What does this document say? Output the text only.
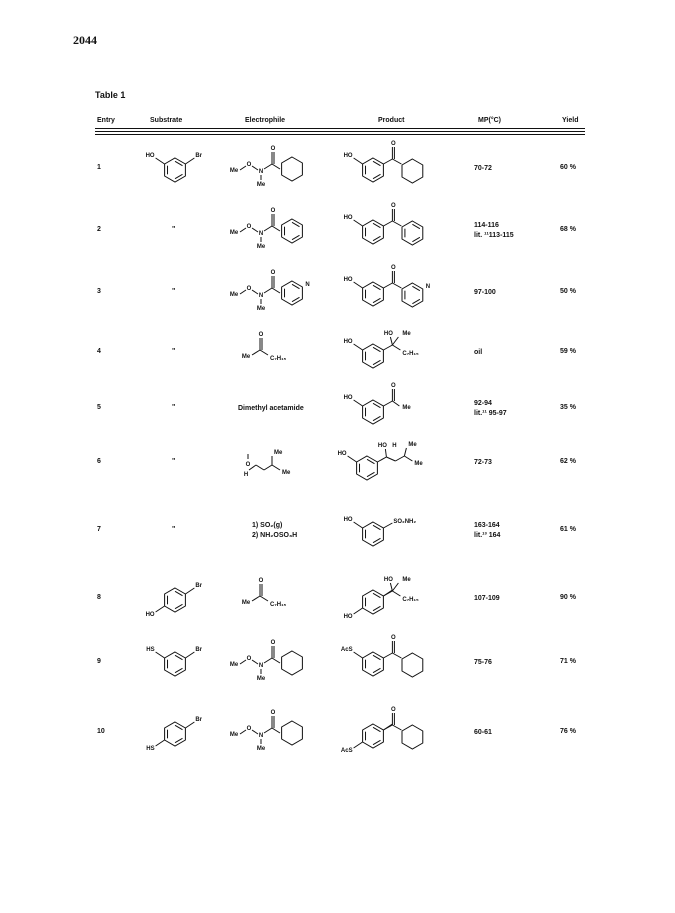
2044
Table 1
Entry	Substrate	Electrophile	Product	MP(°C)	Yield
1
HO	Br
Me
O
N
Me
O
HO
O
70-72	60 %
2	"	Me
O
N
Me
O
HO
O
114-116
lit. ¹¹113-115
68 %
3	"	Me
O
N
Me
O
N
HO
O
N
97-100	50 %
4	"
Me
O
C₇H₁₅
HO
HO Me
C₇H₁₅	oil	59 %
5	"	Dimethyl acetamide
HO
O
Me
92-94
lit.¹¹ 95-97
35 %
6	"	O
H
Me
Me
HO
HO H Me
Me	72-73	62 %
7	"
1) SO₂(g)
2) NH₂OSO₃H
HO	SO₂NH₂	163-164
lit.¹³ 164
61 %
8
Br
HO
Me
O
C₇H₁₅
HO
HO Me
C₇H₁₅	107-109	90 %
9
HS	Br
Me
O
N
Me
O
AcS
O
75-76	71 %
10
Br
HS
Me
O
N
Me
O
AcS
O
60-61	76 %
